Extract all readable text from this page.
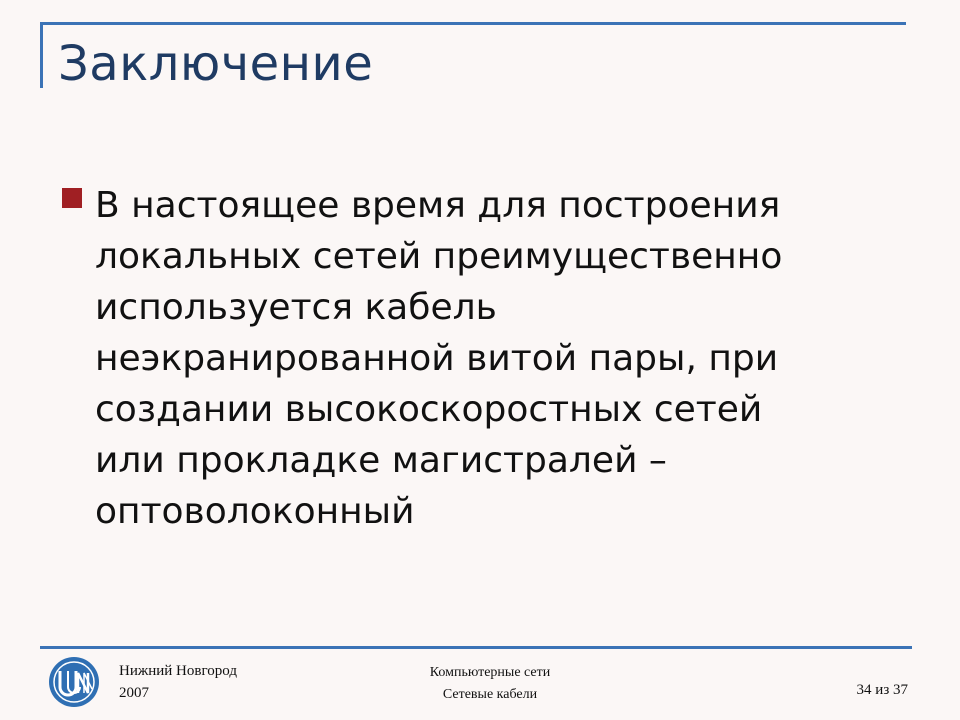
Заключение
В настоящее время для построения
локальных сетей преимущественно
используется кабель
неэкранированной витой пары, при
создании высокоскоростных сетей
или прокладке магистралей –
оптоволоконный
Нижний Новгород
2007
Компьютерные сети
Сетевые кабели	34 из 37
